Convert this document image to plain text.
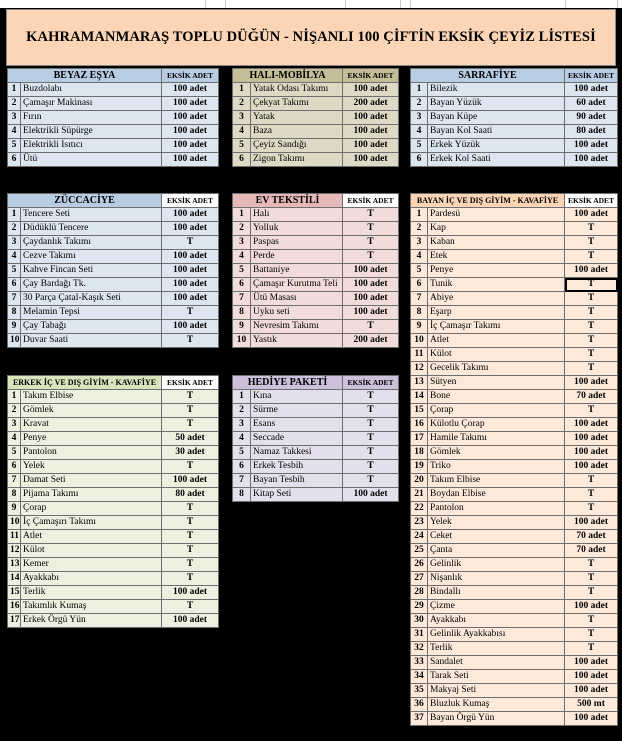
KAHRAMANMARAŞ TOPLU DÜĞÜN - NİŞANLI 100 ÇİFTİN EKSİK ÇEYİZ LİSTESİ
BEYAZ EŞYA		EKSİK ADET
1	Buzdolabı	100 adet
2	Çamaşır Makinası	100 adet
3	Fırın	100 adet
4	Elektrikli Süpürge	100 adet
5	Elektrikli Isıtıcı	100 adet
6	Ütü	100 adet
HALI-MOBİLYA		EKSİK ADET
1	Yatak Odası Takımı	100 adet
2	Çekyat Takımı	200 adet
3	Yatak	100 adet
4	Baza	100 adet
5	Çeyiz Sandığı	100 adet
6	Zigon Takımı	100 adet
SARRAFİYE		EKSİK ADET
1	Bilezik	100 adet
2	Bayan Yüzük	60 adet
3	Bayan Küpe	90 adet
4	Bayan Kol Saati	80 adet
5	Erkek Yüzük	100 adet
6	Erkek Kol Saati	100 adet
ZÜCCACİYE		EKSİK ADET
1	Tencere Seti	100 adet
2	Düdüklü Tencere	100 adet
3	Çaydanlık Takımı	T
4	Cezve Takımı	100 adet
5	Kahve Fincan Seti	100 adet
6	Çay Bardağı Tk.	100 adet
7	30 Parça Çatal-Kaşık Seti	100 adet
8	Melamin Tepsi	T
9	Çay Tabağı	100 adet
10	Duvar Saati	T
EV TEKSTİLİ		EKSİK ADET
1	Halı	T
2	Yolluk	T
3	Paspas	T
4	Perde	T
5	Battaniye	100 adet
6	Çamaşır Kurutma Teli	100 adet
7	Ütü Masası	100 adet
8	Uyku seti	100 adet
9	Nevresim Takımı	T
10	Yastık	200 adet
BAYAN İÇ VE DIŞ GİYİM - KAVAFİYE		EKSİK ADET
1	Pardesü	100 adet
2	Kap	T
3	Kaban	T
4	Etek	T
5	Penye	100 adet
6	Tunik	T
7	Abiye	T
8	Eşarp	T
9	İç Çamaşır Takımı	T
10	Atlet	T
11	Külot	T
12	Gecelik Takımı	T
13	Sütyen	100 adet
14	Bone	70 adet
15	Çorap	T
16	Külotlu Çorap	100 adet
17	Hamile Takımı	100 adet
18	Gömlek	100 adet
19	Triko	100 adet
20	Takım Elbise	T
21	Boydan Elbise	T
22	Pantolon	T
23	Yelek	100 adet
24	Ceket	70 adet
25	Çanta	70 adet
26	Gelinlik	T
27	Nişanlık	T
28	Bindallı	T
29	Çizme	100 adet
30	Ayakkabı	T
31	Gelinlik Ayakkabısı	T
32	Terlik	T
33	Sandalet	100 adet
34	Tarak Seti	100 adet
35	Makyaj Seti	100 adet
36	Bluzluk Kumaş	500 mt
37	Bayan Örgü Yün	100 adet
ERKEK İÇ VE DIŞ GİYİM - KAVAFİYE		EKSİK ADET
1	Takım Elbise	T
2	Gömlek	T
3	Kravat	T
4	Penye	50 adet
5	Pantolon	30 adet
6	Yelek	T
7	Damat Seti	100 adet
8	Pijama Takımı	80 adet
9	Çorap	T
10	İç Çamaşırı Takımı	T
11	Atlet	T
12	Külot	T
13	Kemer	T
14	Ayakkabı	T
15	Terlik	100 adet
16	Takımlık Kumaş	T
17	Erkek Örgü Yün	100 adet
HEDİYE PAKETİ		EKSİK ADET
1	Kına	T
2	Sürme	T
3	Esans	T
4	Seccade	T
5	Namaz Takkesi	T
6	Erkek Tesbih	T
7	Bayan Tesbih	T
8	Kitap Seti	100 adet
